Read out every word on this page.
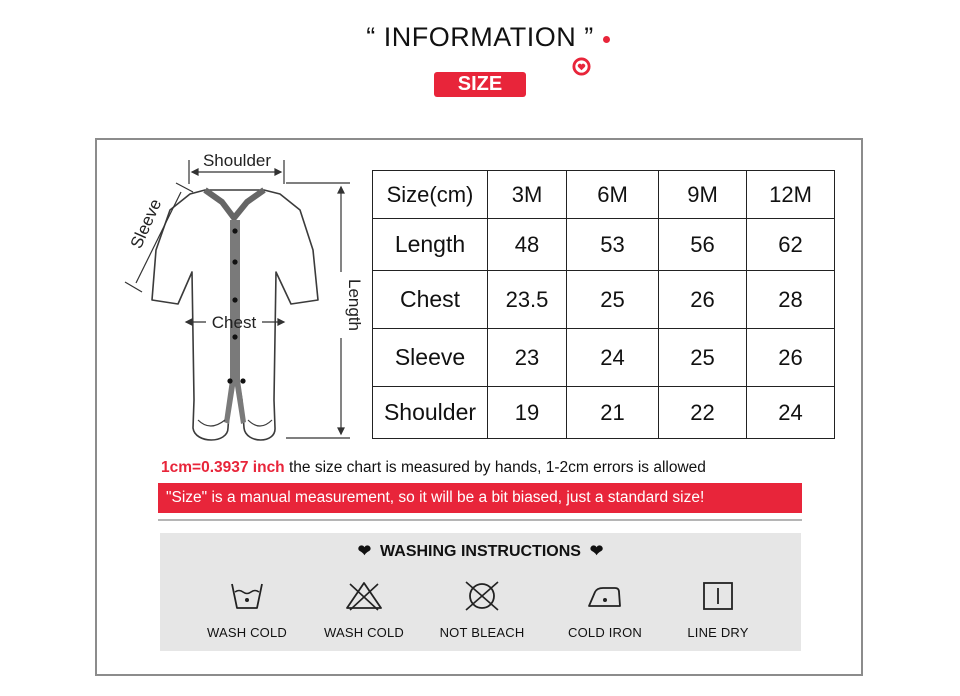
“ INFORMATION ”
SIZE
Shoulder
Sleeve
Chest	Length
Size(cm)	3M	6M	9M	12M
Length	48	53	56	62
Chest	23.5	25	26	28
Sleeve	23	24	25	26
Shoulder	19	21	22	24
1cm=0.3937 inch the size chart is measured by hands, 1-2cm errors is allowed
"Size" is a manual measurement, so it will be a bit biased, just a standard size!
❤ WASHING INSTRUCTIONS ❤
WASH COLD	WASH COLD	NOT BLEACH	COLD IRON	LINE DRY
